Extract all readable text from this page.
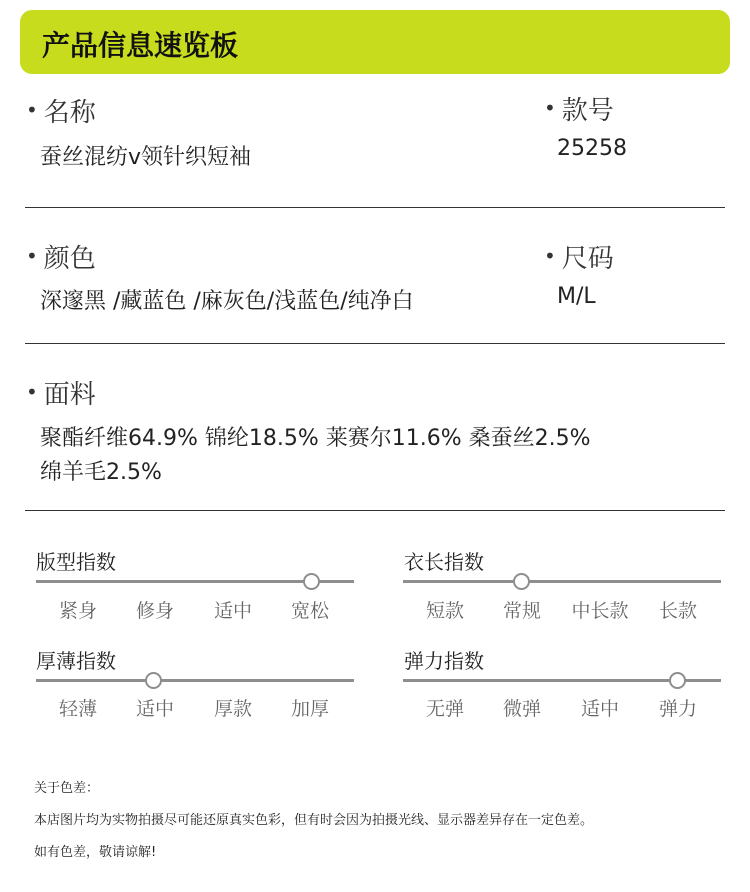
产品信息速览板
• 名称
蚕丝混纺v领针织短袖
• 款号
25258
• 颜色
深邃黑 /藏蓝色 /麻灰色/浅蓝色/纯净白
• 尺码
M/L
• 面料
聚酯纤维64.9% 锦纶18.5% 莱赛尔11.6% 桑蚕丝2.5%
绵羊毛2.5%
版型指数
紧身	修身	适中	宽松
衣长指数
短款	常规	中长款	长款
厚薄指数
轻薄	适中	厚款	加厚
弹力指数
无弹	微弹	适中	弹力
关于色差：
本店图片均为实物拍摄尽可能还原真实色彩，但有时会因为拍摄光线、显示器差异存在一定色差。
如有色差，敬请谅解!
